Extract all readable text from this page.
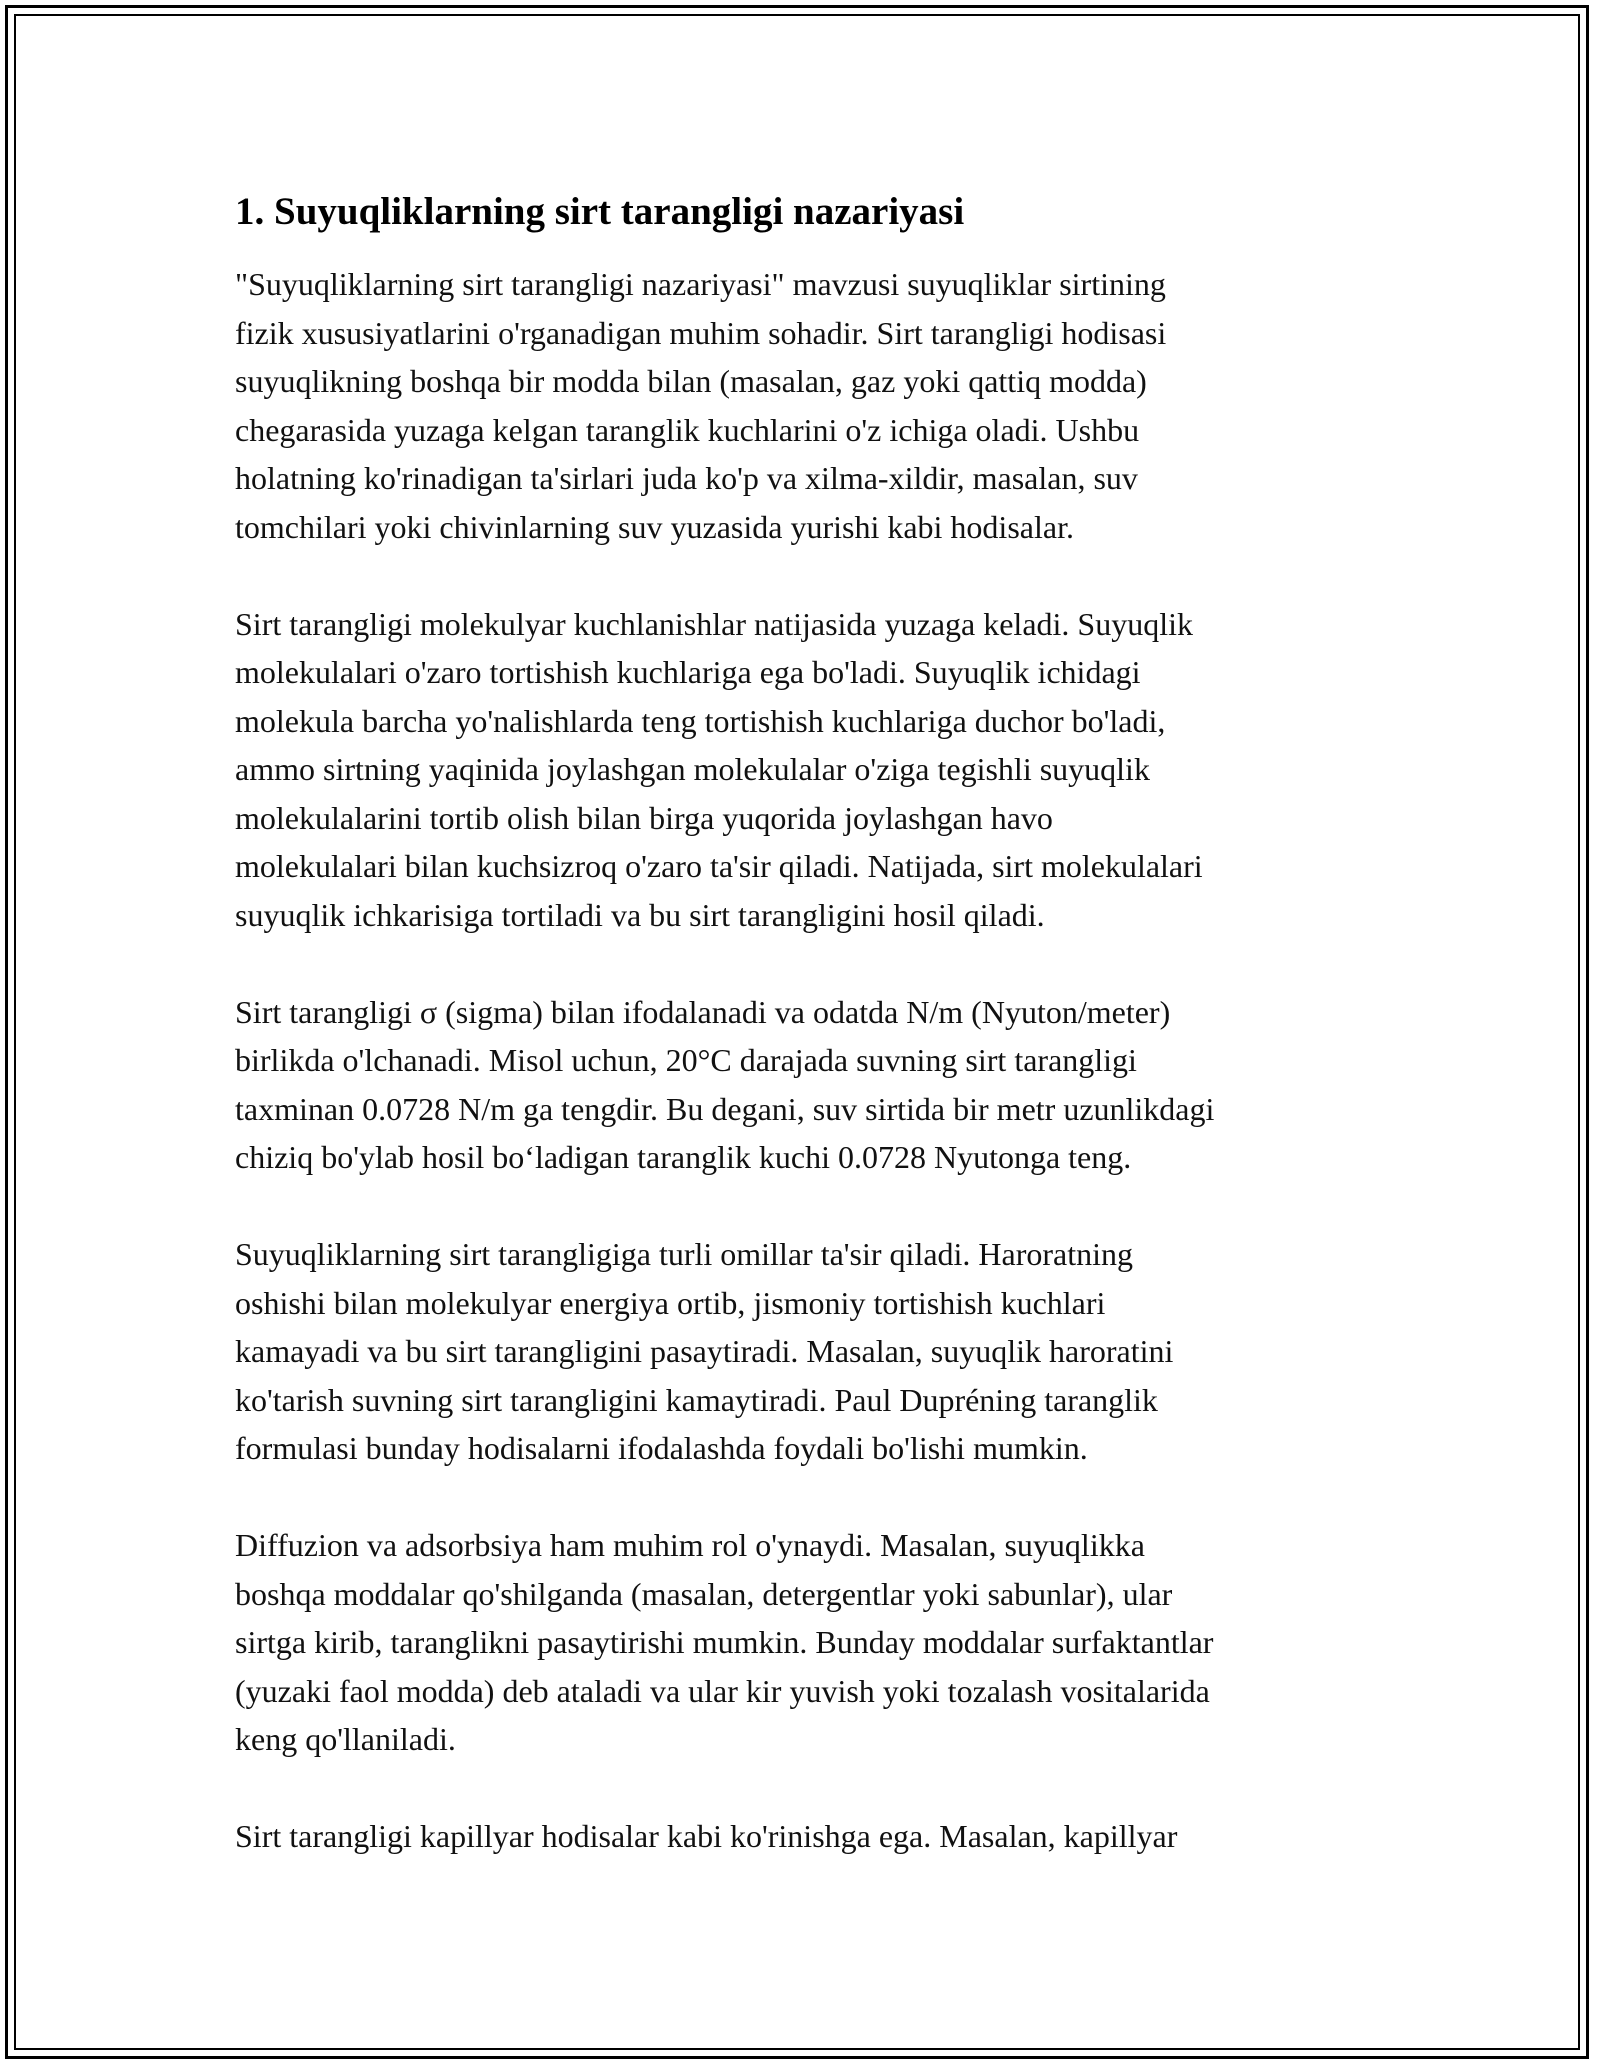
1. Suyuqliklarning sirt tarangligi nazariyasi
"Suyuqliklarning sirt tarangligi nazariyasi" mavzusi suyuqliklar sirtining
fizik xususiyatlarini o'rganadigan muhim sohadir. Sirt tarangligi hodisasi
suyuqlikning boshqa bir modda bilan (masalan, gaz yoki qattiq modda)
chegarasida yuzaga kelgan taranglik kuchlarini o'z ichiga oladi. Ushbu
holatning ko'rinadigan ta'sirlari juda ko'p va xilma-xildir, masalan, suv
tomchilari yoki chivinlarning suv yuzasida yurishi kabi hodisalar.
Sirt tarangligi molekulyar kuchlanishlar natijasida yuzaga keladi. Suyuqlik
molekulalari o'zaro tortishish kuchlariga ega bo'ladi. Suyuqlik ichidagi
molekula barcha yo'nalishlarda teng tortishish kuchlariga duchor bo'ladi,
ammo sirtning yaqinida joylashgan molekulalar o'ziga tegishli suyuqlik
molekulalarini tortib olish bilan birga yuqorida joylashgan havo
molekulalari bilan kuchsizroq o'zaro ta'sir qiladi. Natijada, sirt molekulalari
suyuqlik ichkarisiga tortiladi va bu sirt tarangligini hosil qiladi.
Sirt tarangligi σ (sigma) bilan ifodalanadi va odatda N/m (Nyuton/meter)
birlikda o'lchanadi. Misol uchun, 20°C darajada suvning sirt tarangligi
taxminan 0.0728 N/m ga tengdir. Bu degani, suv sirtida bir metr uzunlikdagi
chiziq bo'ylab hosil bo‘ladigan taranglik kuchi 0.0728 Nyutonga teng.
Suyuqliklarning sirt tarangligiga turli omillar ta'sir qiladi. Haroratning
oshishi bilan molekulyar energiya ortib, jismoniy tortishish kuchlari
kamayadi va bu sirt tarangligini pasaytiradi. Masalan, suyuqlik haroratini
ko'tarish suvning sirt tarangligini kamaytiradi. Paul Dupréning taranglik
formulasi bunday hodisalarni ifodalashda foydali bo'lishi mumkin.
Diffuzion va adsorbsiya ham muhim rol o'ynaydi. Masalan, suyuqlikka
boshqa moddalar qo'shilganda (masalan, detergentlar yoki sabunlar), ular
sirtga kirib, taranglikni pasaytirishi mumkin. Bunday moddalar surfaktantlar
(yuzaki faol modda) deb ataladi va ular kir yuvish yoki tozalash vositalarida
keng qo'llaniladi.
Sirt tarangligi kapillyar hodisalar kabi ko'rinishga ega. Masalan, kapillyar
